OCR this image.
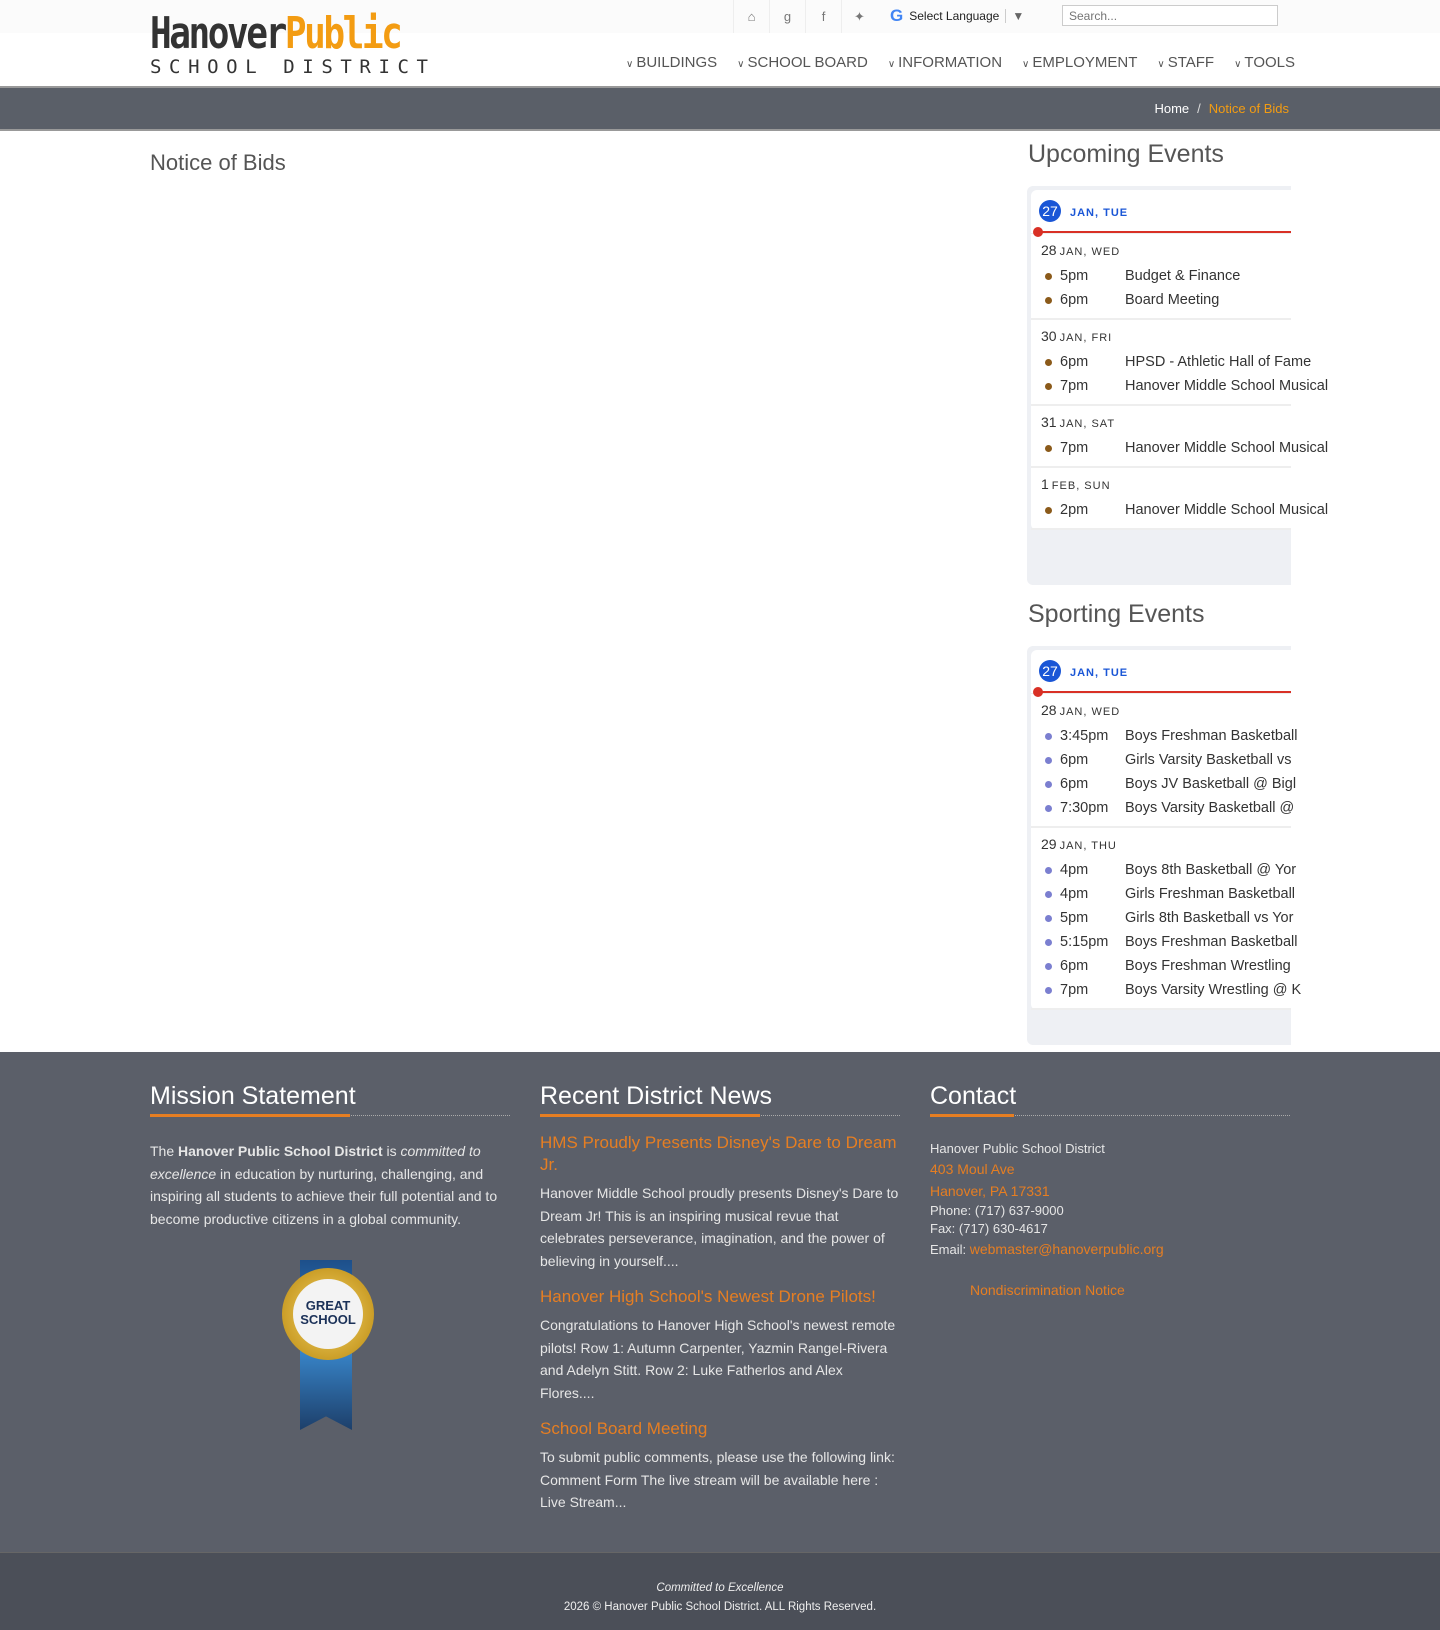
⌂	g	f	✦	G Select Language	▼
Search...
HanoverPublic
SCHOOL DISTRICT	∨ BUILDINGS ∨ SCHOOL BOARD ∨ INFORMATION ∨ EMPLOYMENT ∨ STAFF ∨ TOOLS
Home / Notice of Bids
Notice of Bids	Upcoming Events
27 JAN, TUE
28 JAN, WED
5pm	Budget & Finance
6pm	Board Meeting
30 JAN, FRI
6pm	HPSD - Athletic Hall of Fame
7pm	Hanover Middle School Musical
31 JAN, SAT
7pm	Hanover Middle School Musical
1 FEB, SUN
2pm	Hanover Middle School Musical
Sporting Events
27 JAN, TUE
28 JAN, WED
3:45pm	Boys Freshman Basketball
6pm	Girls Varsity Basketball vs
6pm	Boys JV Basketball @ Bigl
7:30pm	Boys Varsity Basketball @
29 JAN, THU
4pm	Boys 8th Basketball @ Yor
4pm	Girls Freshman Basketball
5pm	Girls 8th Basketball vs Yor
5:15pm	Boys Freshman Basketball
6pm	Boys Freshman Wrestling
7pm	Boys Varsity Wrestling @ K
Mission Statement

The Hanover Public School District is committed to excellence in education by nurturing, challenging, and inspiring all students to achieve their full potential and to become productive citizens in a global community.

GREAT
SCHOOL
Recent District News
HMS Proudly Presents Disney's Dare to Dream Jr.
Hanover Middle School proudly presents Disney's Dare to Dream Jr! This is an inspiring musical revue that celebrates perseverance, imagination, and the power of believing in yourself....
Hanover High School's Newest Drone Pilots!
Congratulations to Hanover High School's newest remote pilots! Row 1: Autumn Carpenter, Yazmin Rangel-Rivera and Adelyn Stitt. Row 2: Luke Fatherlos and Alex Flores....
School Board Meeting
To submit public comments, please use the following link: Comment Form The live stream will be available here : Live Stream...
Contact
Hanover Public School District
403 Moul Ave
Hanover, PA 17331
Phone: (717) 637-9000
Fax: (717) 630-4617
Email: webmaster@hanoverpublic.org
Nondiscrimination Notice
Committed to Excellence
2026 © Hanover Public School District. ALL Rights Reserved.
